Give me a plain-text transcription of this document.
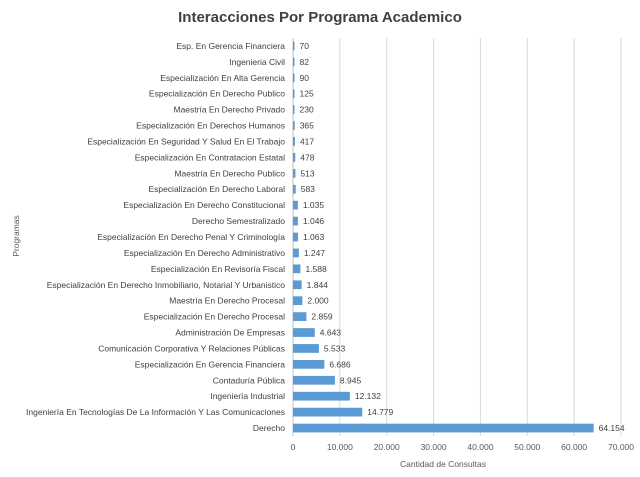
Interacciones Por Programa Academico
Esp. En Gerencia Financiera
Ingenieria Civil
Especialización En Alta Gerencia
Especialización En Derecho Publico
Maestría En Derecho Privado
Especialización En Derechos Humanos
Especialización En Seguridad Y Salud En El Trabajo
Especialización En Contratacion Estatal
Maestría En Derecho Publico
Especialización En Derecho Laboral
Especialización En Derecho Constitucional
Derecho Semestralizado
Especialización En Derecho Penal Y Criminología
Especialización En Derecho Administrativo
Especialización En Revisoría Fiscal
Especialización En Derecho Inmobiliario, Notarial Y Urbanistico
Maestría En Derecho Procesal
Especialización En Derecho Procesal
Administración De Empresas
Comunicación Corporativa Y Relaciones Públicas
Especialización En Gerencia Financiera
Contaduría Pública
Ingeniería Industrial
Ingeniería En Tecnologías De La Información Y Las Comunicaciones
Derecho
70
82
90
125
230
365
417
478
513
583
1.035
1.046
1.063
1.247
1.588
1.844
2.000
2.859
4.643
5.533
6.686
8.945
12.132
14.779
64.154
0	10.000 20.000 30.000 40.000 50.000 60.000 70.000
Cantidad de Consultas
Programas
